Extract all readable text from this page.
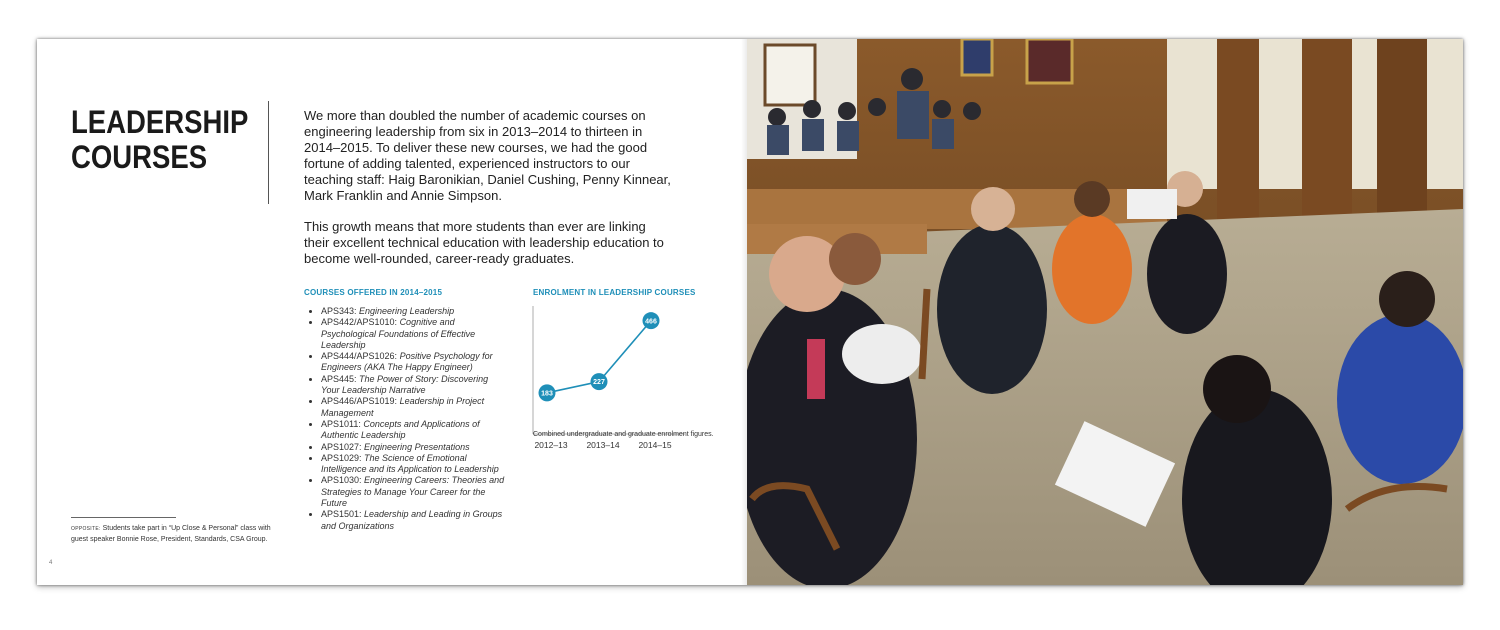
LEADERSHIP
COURSES

We more than doubled the number of academic courses on engineering leadership from six in 2013–2014 to thirteen in 2014–2015. To deliver these new courses, we had the good fortune of adding talented, experienced instructors to our teaching staff: Haig Baronikian, Daniel Cushing, Penny Kinnear, Mark Franklin and Annie Simpson.

This growth means that more students than ever are linking their excellent technical education with leadership education to become well-rounded, career-ready graduates.

COURSES OFFERED IN 2014–2015
• APS343: Engineering Leadership
• APS442/APS1010: Cognitive and Psychological Foundations of Effective Leadership
• APS444/APS1026: Positive Psychology for Engineers (AKA The Happy Engineer)
• APS445: The Power of Story: Discovering Your Leadership Narrative
• APS446/APS1019: Leadership in Project Management
• APS1011: Concepts and Applications of Authentic Leadership
• APS1027: Engineering Presentations
• APS1029: The Science of Emotional Intelligence and its Application to Leadership
• APS1030: Engineering Careers: Theories and Strategies to Manage Your Career for the Future
• APS1501: Leadership and Leading in Groups and Organizations
ENROLMENT IN LEADERSHIP COURSES
183
2012–13
227
2013–14
466
2014–15
Combined undergraduate and graduate enrolment figures.
OPPOSITE: Students take part in “Up Close & Personal” class with guest speaker Bonnie Rose, President, Standards, CSA Group.
4
